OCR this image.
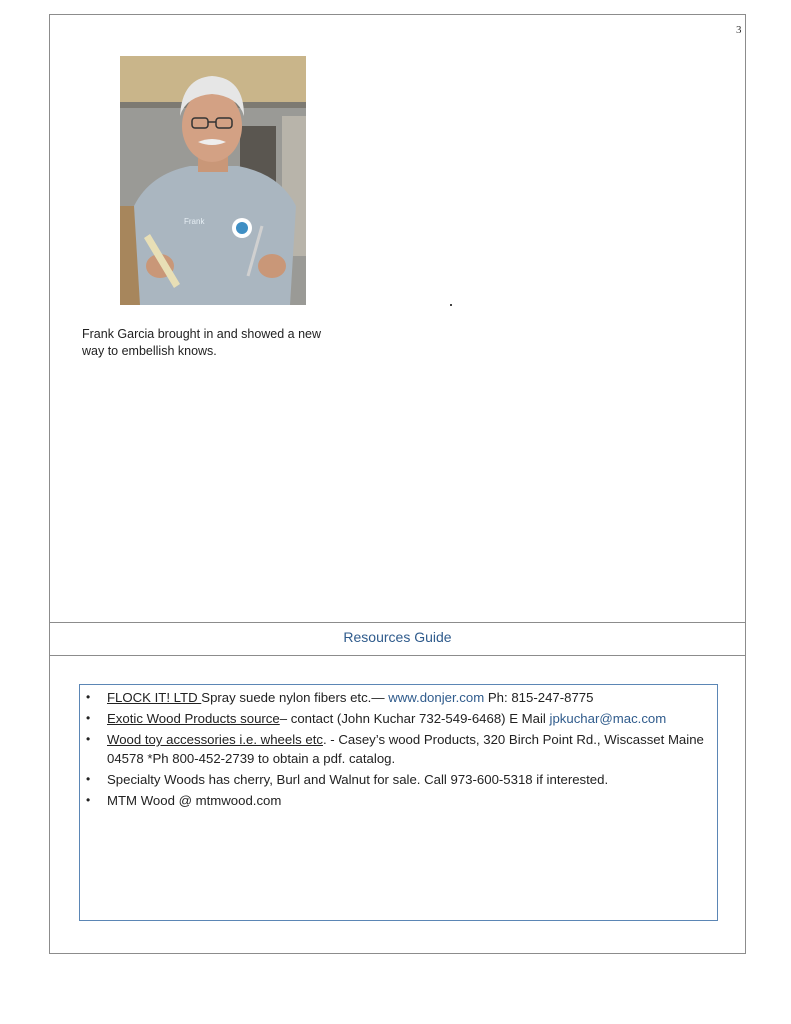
3
Frank
Frank Garcia brought in and showed a new way to embellish knows.
Resources Guide
• FLOCK IT! LTD Spray suede nylon fibers etc.— www.donjer.com Ph: 815-247-8775
• Exotic Wood Products source– contact (John Kuchar 732-549-6468) E Mail jpkuchar@mac.com
• Wood toy accessories i.e. wheels etc. - Casey’s wood Products, 320 Birch Point Rd., Wiscasset Maine 04578 *Ph 800-452-2739 to obtain a pdf. catalog.
• Specialty Woods has cherry, Burl and Walnut for sale. Call 973-600-5318 if interested.
• MTM Wood @ mtmwood.com
